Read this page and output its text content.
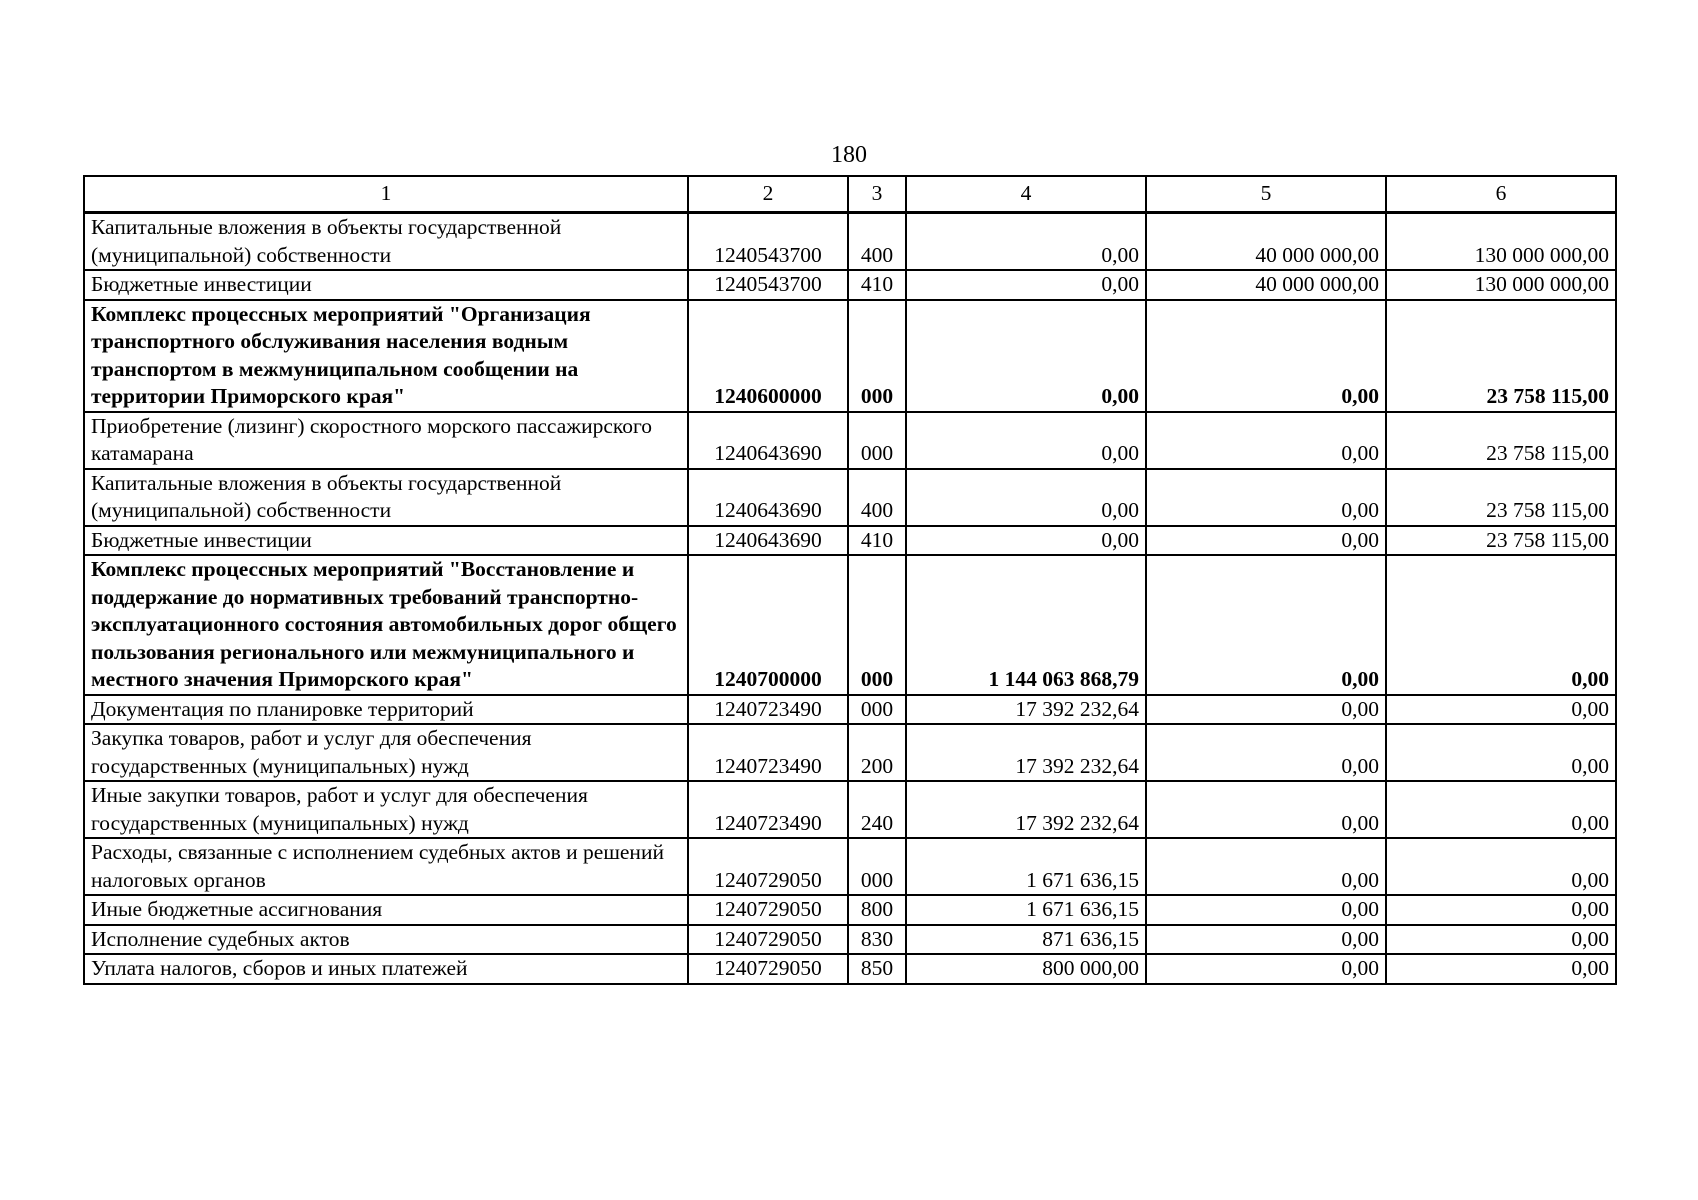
180
1	2	3	4	5	6
Капитальные вложения в объекты государственной (муниципальной) собственности	1240543700	400	0,00	40 000 000,00	130 000 000,00
Бюджетные инвестиции	1240543700	410	0,00	40 000 000,00	130 000 000,00
Комплекс процессных мероприятий "Организация транспортного обслуживания населения водным транспортом в межмуниципальном сообщении на территории Приморского края"	1240600000	000	0,00	0,00	23 758 115,00
Приобретение (лизинг) скоростного морского пассажирского катамарана	1240643690	000	0,00	0,00	23 758 115,00
Капитальные вложения в объекты государственной (муниципальной) собственности	1240643690	400	0,00	0,00	23 758 115,00
Бюджетные инвестиции	1240643690	410	0,00	0,00	23 758 115,00
Комплекс процессных мероприятий "Восстановление и поддержание до нормативных требований транспортно-эксплуатационного состояния автомобильных дорог общего пользования регионального или межмуниципального и местного значения Приморского края"	1240700000	000	1 144 063 868,79	0,00	0,00
Документация по планировке территорий	1240723490	000	17 392 232,64	0,00	0,00
Закупка товаров, работ и услуг для обеспечения государственных (муниципальных) нужд	1240723490	200	17 392 232,64	0,00	0,00
Иные закупки товаров, работ и услуг для обеспечения государственных (муниципальных) нужд	1240723490	240	17 392 232,64	0,00	0,00
Расходы, связанные с исполнением судебных актов и решений налоговых органов	1240729050	000	1 671 636,15	0,00	0,00
Иные бюджетные ассигнования	1240729050	800	1 671 636,15	0,00	0,00
Исполнение судебных актов	1240729050	830	871 636,15	0,00	0,00
Уплата налогов, сборов и иных платежей	1240729050	850	800 000,00	0,00	0,00
